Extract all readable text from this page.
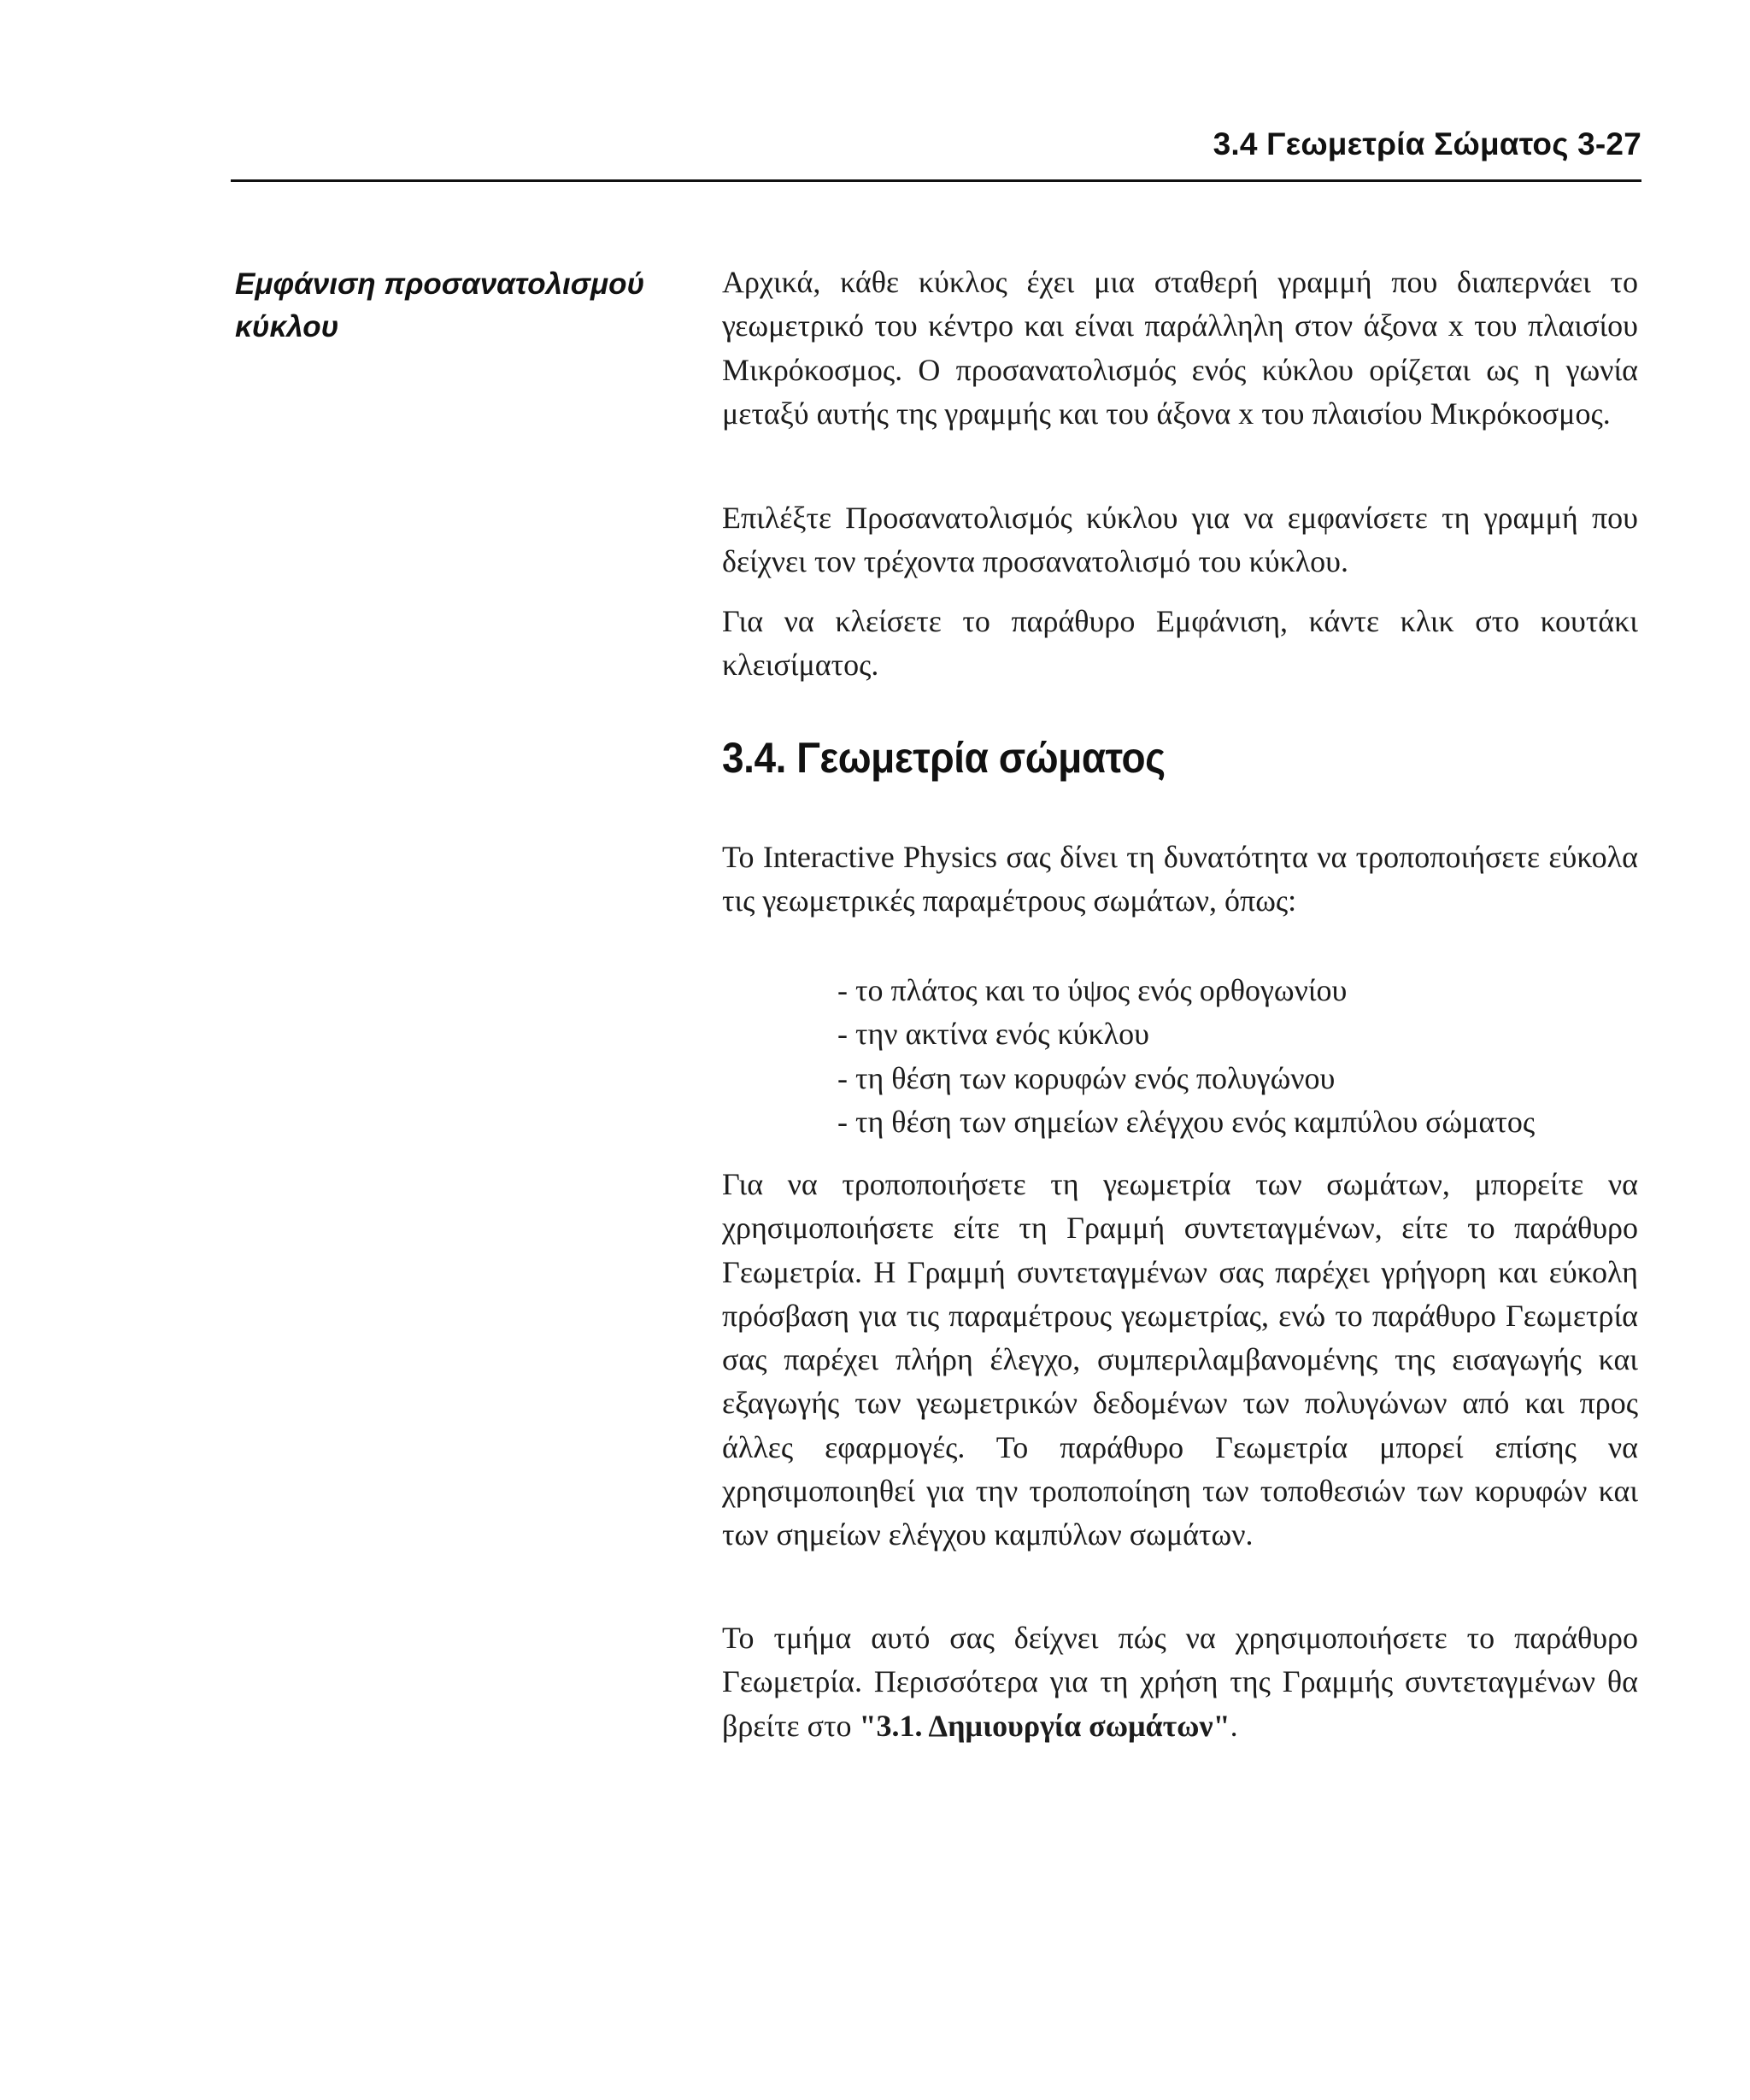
3.4 Γεωμετρία Σώματος 3-27
Εμφάνιση προσανατολισμού
κύκλου

Αρχικά, κάθε κύκλος έχει μια σταθερή γραμμή που διαπερνάει το γεωμετρικό του κέντρο και είναι παράλληλη στον άξονα x του πλαισίου Μικρόκοσμος. Ο προσανατολισμός ενός κύκλου ορίζεται ως η γωνία μεταξύ αυτής της γραμμής και του άξονα x του πλαισίου Μικρόκοσμος.

Επιλέξτε Προσανατολισμός κύκλου για να εμφανίσετε τη γραμμή που δείχνει τον τρέχοντα προσανατολισμό του κύκλου.

Για να κλείσετε το παράθυρο Εμφάνιση, κάντε κλικ στο κουτάκι κλεισίματος.

3.4. Γεωμετρία σώματος

Το Interactive Physics σας δίνει τη δυνατότητα να τροποποιήσετε εύκολα τις γεωμετρικές παραμέτρους σωμάτων, όπως:

- το πλάτος και το ύψος ενός ορθογωνίου
- την ακτίνα ενός κύκλου
- τη θέση των κορυφών ενός πολυγώνου
- τη θέση των σημείων ελέγχου ενός καμπύλου σώματος

Για να τροποποιήσετε τη γεωμετρία των σωμάτων, μπορείτε να χρησιμοποιήσετε είτε τη Γραμμή συντεταγμένων, είτε το παράθυρο Γεωμετρία. Η Γραμμή συντεταγμένων σας παρέχει γρήγορη και εύκολη πρόσβαση για τις παραμέτρους γεωμετρίας, ενώ το παράθυρο Γεωμετρία σας παρέχει πλήρη έλεγχο, συμπεριλαμβανομένης της εισαγωγής και εξαγωγής των γεωμετρικών δεδομένων των πολυγώνων από και προς άλλες εφαρμογές. Το παράθυρο Γεωμετρία μπορεί επίσης να χρησιμοποιηθεί για την τροποποίηση των τοποθεσιών των κορυφών και των σημείων ελέγχου καμπύλων σωμάτων.

Το τμήμα αυτό σας δείχνει πώς να χρησιμοποιήσετε το παράθυρο Γεωμετρία. Περισσότερα για τη χρήση της Γραμμής συντεταγμένων θα βρείτε στο "3.1. Δημιουργία σωμάτων".
